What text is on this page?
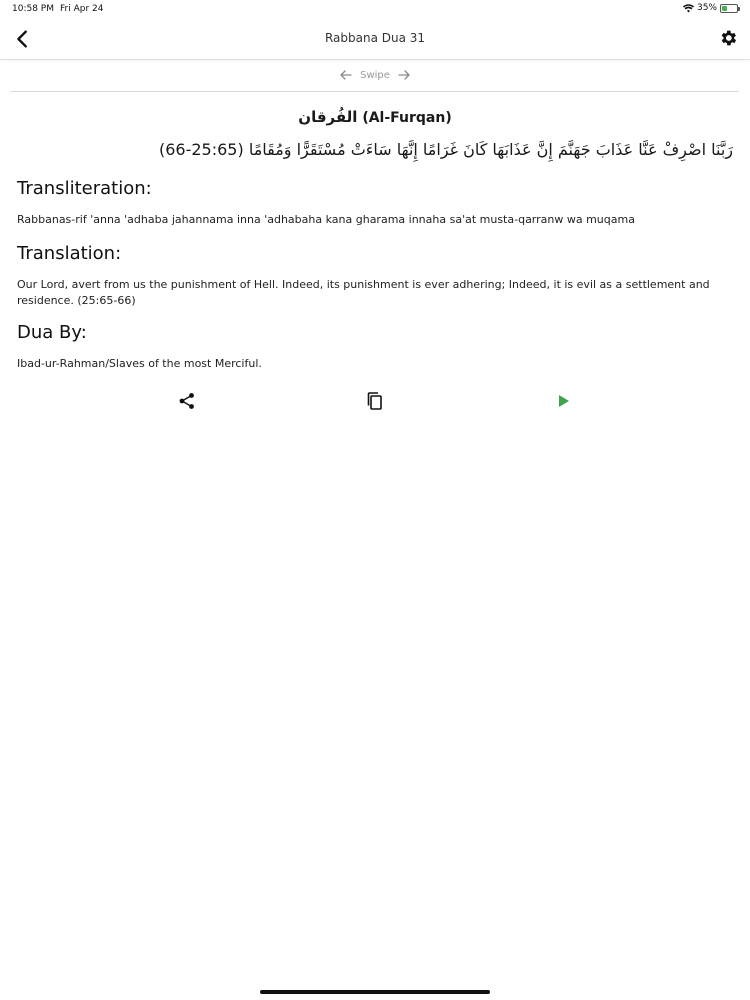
10:58 PM Fri Apr 24	35%
Rabbana Dua 31
Swipe
الفُرقان (Al-Furqan)
رَبَّنَا اصْرِفْ عَنَّا عَذَابَ جَهَنَّمَ إِنَّ عَذَابَهَا كَانَ غَرَامًا إِنَّهَا سَاءَتْ مُسْتَقَرًّا وَمُقَامًا (25:65-66)
Transliteration:
Rabbanas-rif 'anna 'adhaba jahannama inna 'adhabaha kana gharama innaha sa'at musta-qarranw wa muqama
Translation:
Our Lord, avert from us the punishment of Hell. Indeed, its punishment is ever adhering; Indeed, it is evil as a settlement and residence. (25:65-66)
Dua By:
Ibad-ur-Rahman/Slaves of the most Merciful.
